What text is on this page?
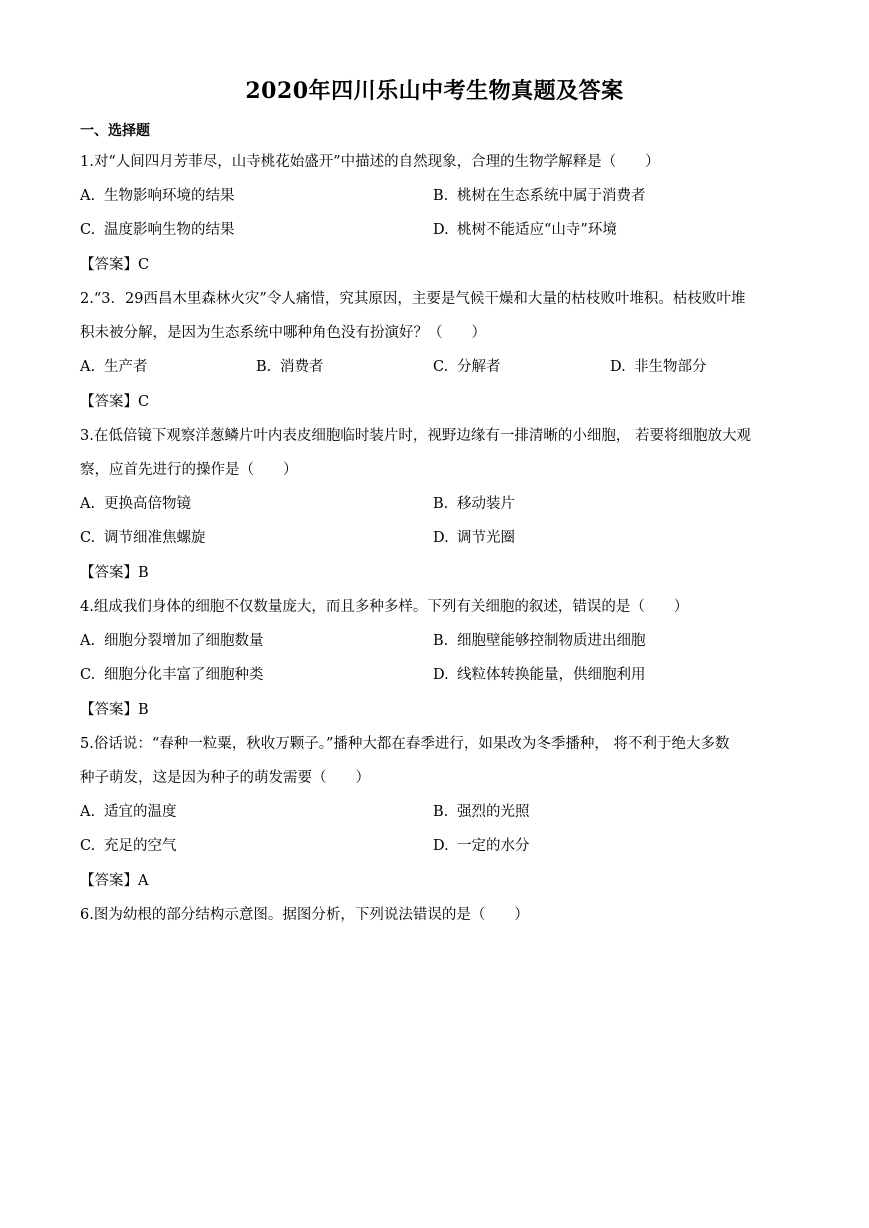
2020年四川乐山中考生物真题及答案
一、选择题
1.对“人间四月芳菲尽，山寺桃花始盛开”中描述的自然现象，合理的生物学解释是（　　）
A. 生物影响环境的结果	B. 桃树在生态系统中属于消费者
C. 温度影响生物的结果	D. 桃树不能适应“山寺”环境
【答案】C
2.“3．29西昌木里森林火灾”令人痛惜，究其原因，主要是气候干燥和大量的枯枝败叶堆积。枯枝败叶堆
积未被分解，是因为生态系统中哪种角色没有扮演好？（　　）
A. 生产者	B. 消费者	C. 分解者	D. 非生物部分
【答案】C
3.在低倍镜下观察洋葱鳞片叶内表皮细胞临时装片时，视野边缘有一排清晰的小细胞， 若要将细胞放大观
察，应首先进行的操作是（　　）
A. 更换高倍物镜	B. 移动装片
C. 调节细准焦螺旋	D. 调节光圈
【答案】B
4.组成我们身体的细胞不仅数量庞大，而且多种多样。下列有关细胞的叙述，错误的是（　　）
A. 细胞分裂增加了细胞数量	B. 细胞壁能够控制物质进出细胞
C. 细胞分化丰富了细胞种类	D. 线粒体转换能量，供细胞利用
【答案】B
5.俗话说：“春种一粒粟，秋收万颗子。”播种大都在春季进行，如果改为冬季播种， 将不利于绝大多数
种子萌发，这是因为种子的萌发需要（　　）
A. 适宜的温度	B. 强烈的光照
C. 充足的空气	D. 一定的水分
【答案】A
6.图为幼根的部分结构示意图。据图分析，下列说法错误的是（　　）
